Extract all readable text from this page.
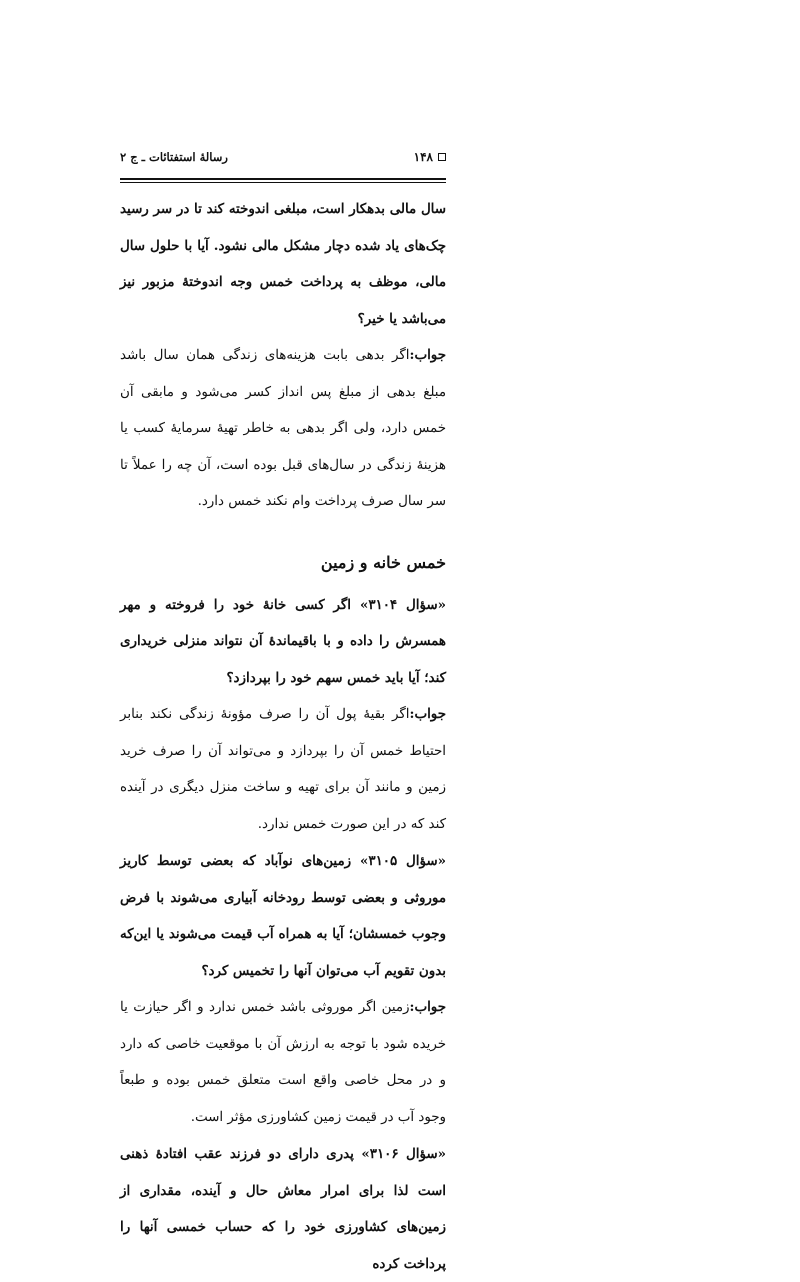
۱۴۸
رسالهٔ استفتائات ـ ج ۲

سال مالی بدهکار است، مبلغی اندوخته کند تا در سر رسید چک‌های یاد شده دچار مشکل مالی نشود. آیا با حلول سال مالی، موظف به پرداخت خمس وجه اندوختهٔ مزبور نیز می‌باشد یا خیر؟

جواب:اگر بدهی بابت هزینه‌های زندگی همان سال باشد مبلغ بدهی از مبلغ پس انداز کسر می‌شود و مابقی آن خمس دارد، ولی اگر بدهی به خاطر تهیهٔ سرمایهٔ کسب یا هزینهٔ زندگی در سال‌های قبل بوده است، آن چه را عملاً تا سر سال صرف پرداخت وام نکند خمس دارد.

خمس خانه و زمین

«سؤال ۳۱۰۴» اگر کسی خانهٔ خود را فروخته و مهر همسرش را داده و با باقیماندهٔ آن نتواند منزلی خریداری کند؛ آیا باید خمس سهم خود را بپردازد؟

جواب:اگر بقیهٔ پول آن را صرف مؤونهٔ زندگی نکند بنابر احتیاط خمس آن را بپردازد و می‌تواند آن را صرف خرید زمین و مانند آن برای تهیه و ساخت منزل دیگری در آینده کند که در این صورت خمس ندارد.

«سؤال ۳۱۰۵» زمین‌های نوآباد که بعضی توسط کاریز موروثی و بعضی توسط رودخانه آبیاری می‌شوند با فرض وجوب خمسشان؛ آیا به همراه آب قیمت می‌شوند یا این‌که بدون تقویم آب می‌توان آنها را تخمیس کرد؟

جواب:زمین اگر موروثی باشد خمس ندارد و اگر حیازت یا خریده شود با توجه به ارزش آن با موقعیت خاصی که دارد و در محل خاصی واقع است متعلق خمس بوده و طبعاً وجود آب در قیمت زمین کشاورزی مؤثر است.

«سؤال ۳۱۰۶» پدری دارای دو فرزند عقب افتادهٔ ذهنی است لذا برای امرار معاش حال و آینده، مقداری از زمین‌های کشاورزی خود را که حساب خمسی آنها را پرداخت کرده
